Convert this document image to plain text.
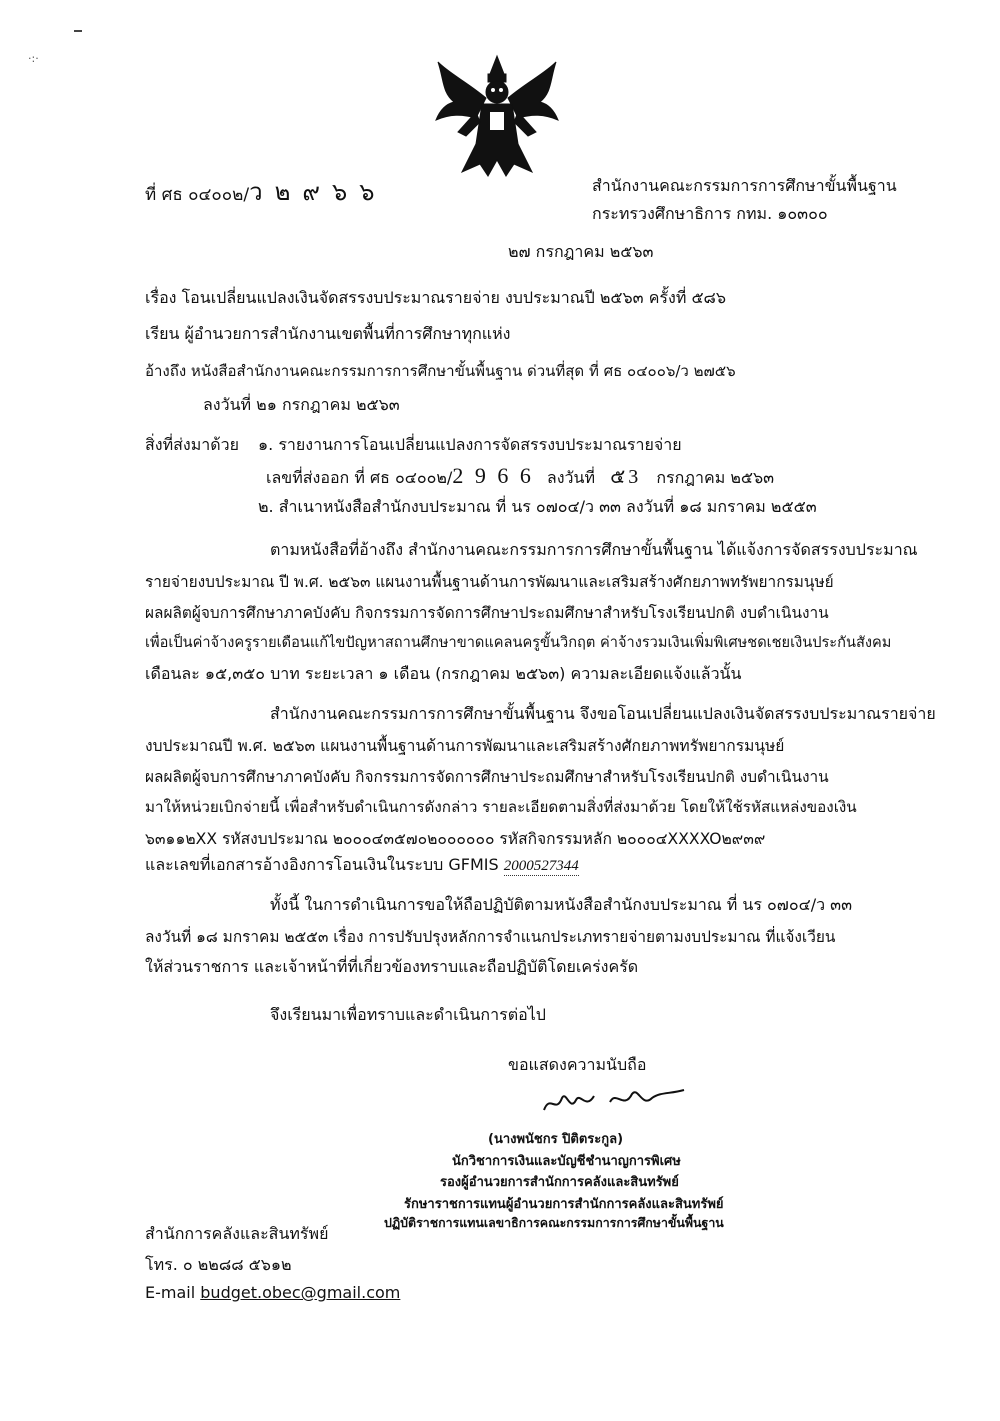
·:·
ที่ ศธ ๐๔๐๐๒/ว ๒ ๙ ๖ ๖	สำนักงานคณะกรรมการการศึกษาขั้นพื้นฐาน
กระทรวงศึกษาธิการ กทม. ๑๐๓๐๐
๒๗ กรกฎาคม ๒๕๖๓
เรื่อง โอนเปลี่ยนแปลงเงินจัดสรรงบประมาณรายจ่าย งบประมาณปี ๒๕๖๓ ครั้งที่ ๕๘๖
เรียน ผู้อำนวยการสำนักงานเขตพื้นที่การศึกษาทุกแห่ง
อ้างถึง หนังสือสำนักงานคณะกรรมการการศึกษาขั้นพื้นฐาน ด่วนที่สุด ที่ ศธ ๐๔๐๐๖/ว ๒๗๕๖
ลงวันที่ ๒๑ กรกฎาคม ๒๕๖๓
สิ่งที่ส่งมาด้วย ๑. รายงานการโอนเปลี่ยนแปลงการจัดสรรงบประมาณรายจ่าย
เลขที่ส่งออก ที่ ศธ ๐๔๐๐๒/2 9 6 6 ลงวันที่ ๕3 กรกฎาคม ๒๕๖๓
๒. สำเนาหนังสือสำนักงบประมาณ ที่ นร ๐๗๐๔/ว ๓๓ ลงวันที่ ๑๘ มกราคม ๒๕๕๓
ตามหนังสือที่อ้างถึง สำนักงานคณะกรรมการการศึกษาขั้นพื้นฐาน ได้แจ้งการจัดสรรงบประมาณ
รายจ่ายงบประมาณ ปี พ.ศ. ๒๕๖๓ แผนงานพื้นฐานด้านการพัฒนาและเสริมสร้างศักยภาพทรัพยากรมนุษย์
ผลผลิตผู้จบการศึกษาภาคบังคับ กิจกรรมการจัดการศึกษาประถมศึกษาสำหรับโรงเรียนปกติ งบดำเนินงาน
เพื่อเป็นค่าจ้างครูรายเดือนแก้ไขปัญหาสถานศึกษาขาดแคลนครูขั้นวิกฤต ค่าจ้างรวมเงินเพิ่มพิเศษชดเชยเงินประกันสังคม
เดือนละ ๑๕,๓๕๐ บาท ระยะเวลา ๑ เดือน (กรกฎาคม ๒๕๖๓) ความละเอียดแจ้งแล้วนั้น
สำนักงานคณะกรรมการการศึกษาขั้นพื้นฐาน จึงขอโอนเปลี่ยนแปลงเงินจัดสรรงบประมาณรายจ่าย
งบประมาณปี พ.ศ. ๒๕๖๓ แผนงานพื้นฐานด้านการพัฒนาและเสริมสร้างศักยภาพทรัพยากรมนุษย์
ผลผลิตผู้จบการศึกษาภาคบังคับ กิจกรรมการจัดการศึกษาประถมศึกษาสำหรับโรงเรียนปกติ งบดำเนินงาน
มาให้หน่วยเบิกจ่ายนี้ เพื่อสำหรับดำเนินการดังกล่าว รายละเอียดตามสิ่งที่ส่งมาด้วย โดยให้ใช้รหัสแหล่งของเงิน
๖๓๑๑๒XX รหัสงบประมาณ ๒๐๐๐๔๓๕๗๐๒๐๐๐๐๐๐ รหัสกิจกรรมหลัก ๒๐๐๐๔XXXXO๒๙๓๙
และเลขที่เอกสารอ้างอิงการโอนเงินในระบบ GFMIS 2000527344
ทั้งนี้ ในการดำเนินการขอให้ถือปฏิบัติตามหนังสือสำนักงบประมาณ ที่ นร ๐๗๐๔/ว ๓๓
ลงวันที่ ๑๘ มกราคม ๒๕๕๓ เรื่อง การปรับปรุงหลักการจำแนกประเภทรายจ่ายตามงบประมาณ ที่แจ้งเวียน
ให้ส่วนราชการ และเจ้าหน้าที่ที่เกี่ยวข้องทราบและถือปฏิบัติโดยเคร่งครัด
จึงเรียนมาเพื่อทราบและดำเนินการต่อไป
ขอแสดงความนับถือ
(นางพนัชกร ปิติตระกูล)
นักวิชาการเงินและบัญชีชำนาญการพิเศษ
รองผู้อำนวยการสำนักการคลังและสินทรัพย์
รักษาราชการแทนผู้อำนวยการสำนักการคลังและสินทรัพย์
ปฏิบัติราชการแทนเลขาธิการคณะกรรมการการศึกษาขั้นพื้นฐาน
สำนักการคลังและสินทรัพย์
โทร. ๐ ๒๒๘๘ ๕๖๑๒
E-mail budget.obec@gmail.com
